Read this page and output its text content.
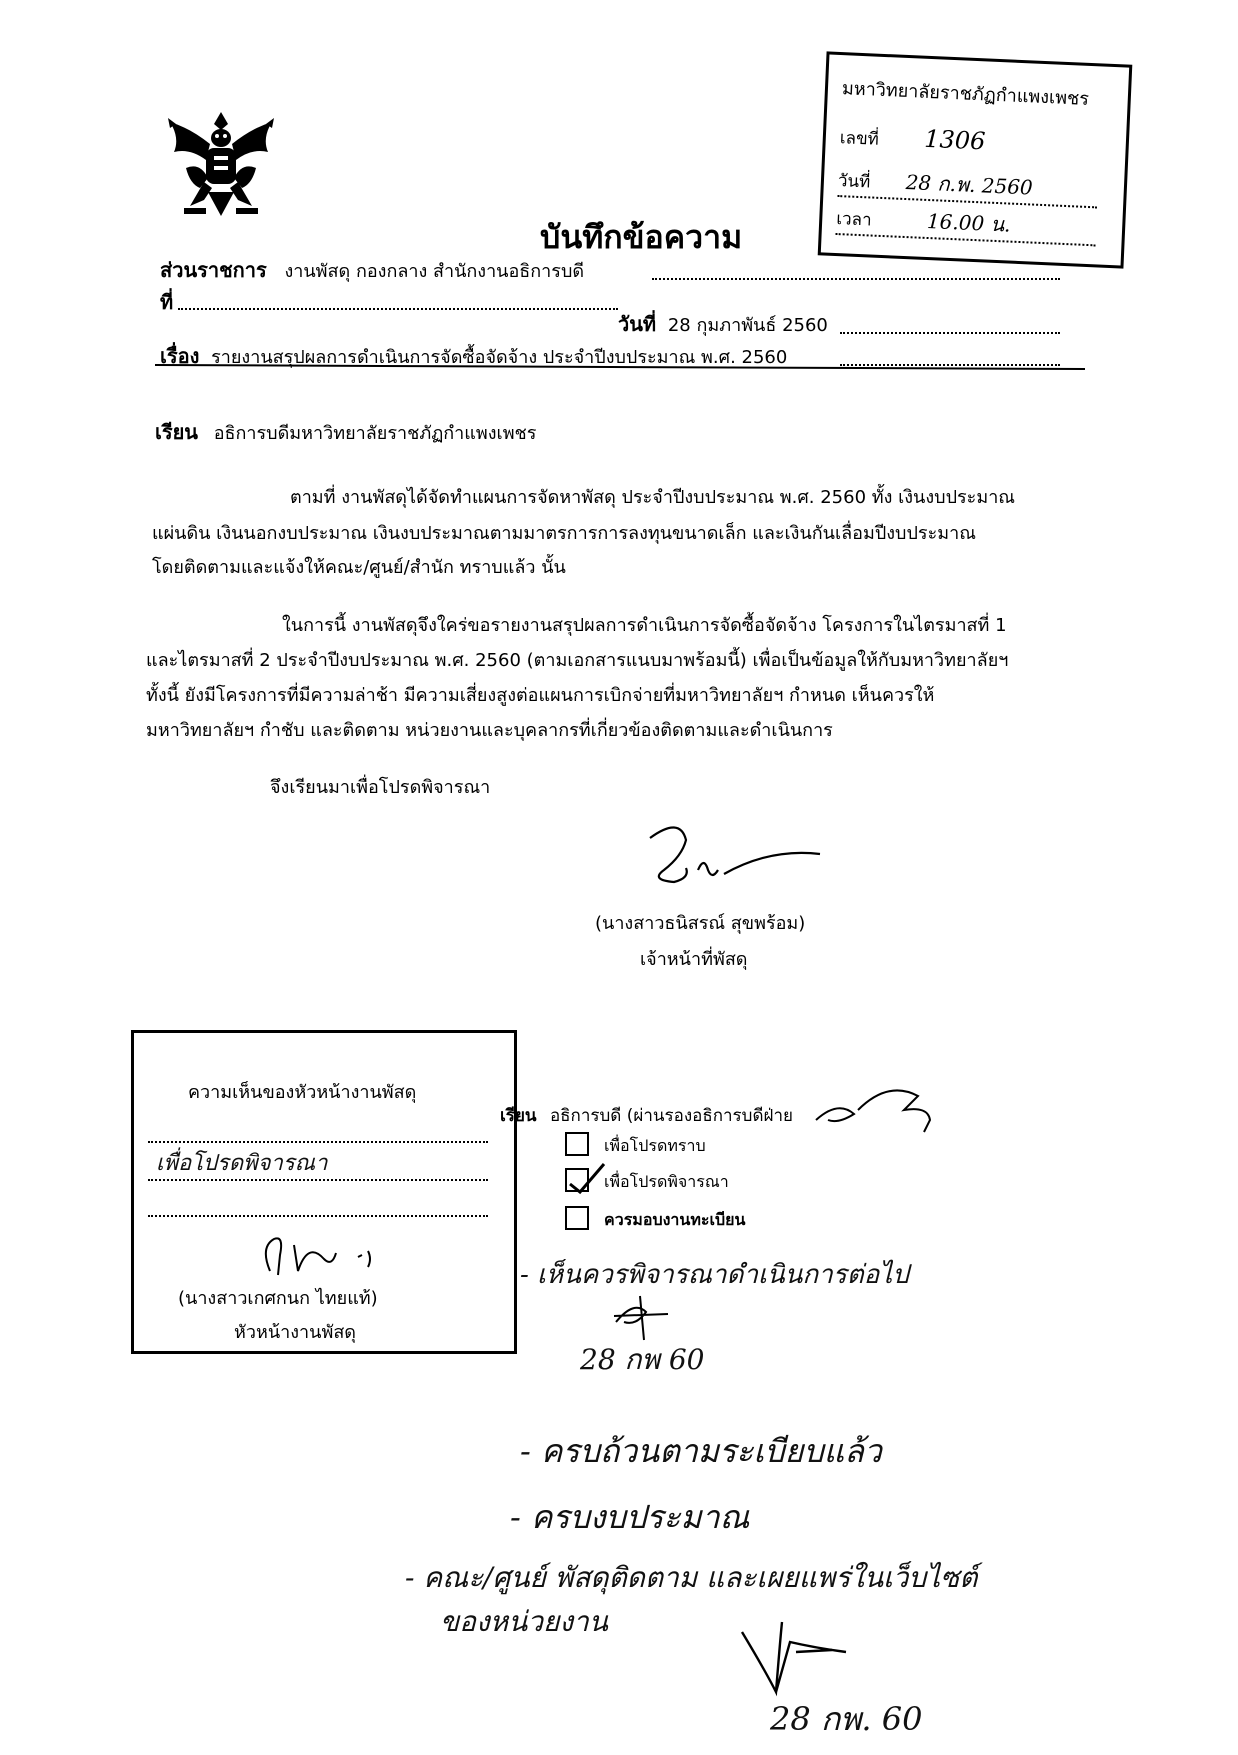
มหาวิทยาลัยราชภัฏกำแพงเพชร
เลขที่ 1306
วันที่ 28 ก.พ. 2560
เวลา	16.00 น.
บันทึกข้อความ
ส่วนราชการ งานพัสดุ กองกลาง สำนักงานอธิการบดี
ที่
วันที่ 28 กุมภาพันธ์ 2560
เรื่อง รายงานสรุปผลการดำเนินการจัดซื้อจัดจ้าง ประจำปีงบประมาณ พ.ศ. 2560
เรียน อธิการบดีมหาวิทยาลัยราชภัฏกำแพงเพชร
ตามที่ งานพัสดุได้จัดทำแผนการจัดหาพัสดุ ประจำปีงบประมาณ พ.ศ. 2560 ทั้ง เงินงบประมาณ
แผ่นดิน เงินนอกงบประมาณ เงินงบประมาณตามมาตรการการลงทุนขนาดเล็ก และเงินกันเลื่อมปีงบประมาณ
โดยติดตามและแจ้งให้คณะ/ศูนย์/สำนัก ทราบแล้ว นั้น
ในการนี้ งานพัสดุจึงใคร่ขอรายงานสรุปผลการดำเนินการจัดซื้อจัดจ้าง โครงการในไตรมาสที่ 1
และไตรมาสที่ 2 ประจำปีงบประมาณ พ.ศ. 2560 (ตามเอกสารแนบมาพร้อมนี้) เพื่อเป็นข้อมูลให้กับมหาวิทยาลัยฯ
ทั้งนี้ ยังมีโครงการที่มีความล่าช้า มีความเสี่ยงสูงต่อแผนการเบิกจ่ายที่มหาวิทยาลัยฯ กำหนด เห็นควรให้
มหาวิทยาลัยฯ กำชับ และติดตาม หน่วยงานและบุคลากรที่เกี่ยวข้องติดตามและดำเนินการ
จึงเรียนมาเพื่อโปรดพิจารณา
(นางสาวธนิสรณ์ สุขพร้อม)
เจ้าหน้าที่พัสดุ
ความเห็นของหัวหน้างานพัสดุ
เพื่อโปรดพิจารณา
(นางสาวเกศกนก ไทยแท้)
หัวหน้างานพัสดุ
เรียน อธิการบดี (ผ่านรองอธิการบดีฝ่าย
เพื่อโปรดทราบ
เพื่อโปรดพิจารณา
ควรมอบงานทะเบียน
- เห็นควรพิจารณาดำเนินการต่อไป
28 กพ 60
- ครบถ้วนตามระเบียบแล้ว
- ครบงบประมาณ
- คณะ/ศูนย์ พัสดุติดตาม และเผยแพร่ในเว็บไซต์
ของหน่วยงาน
28 กพ. 60
